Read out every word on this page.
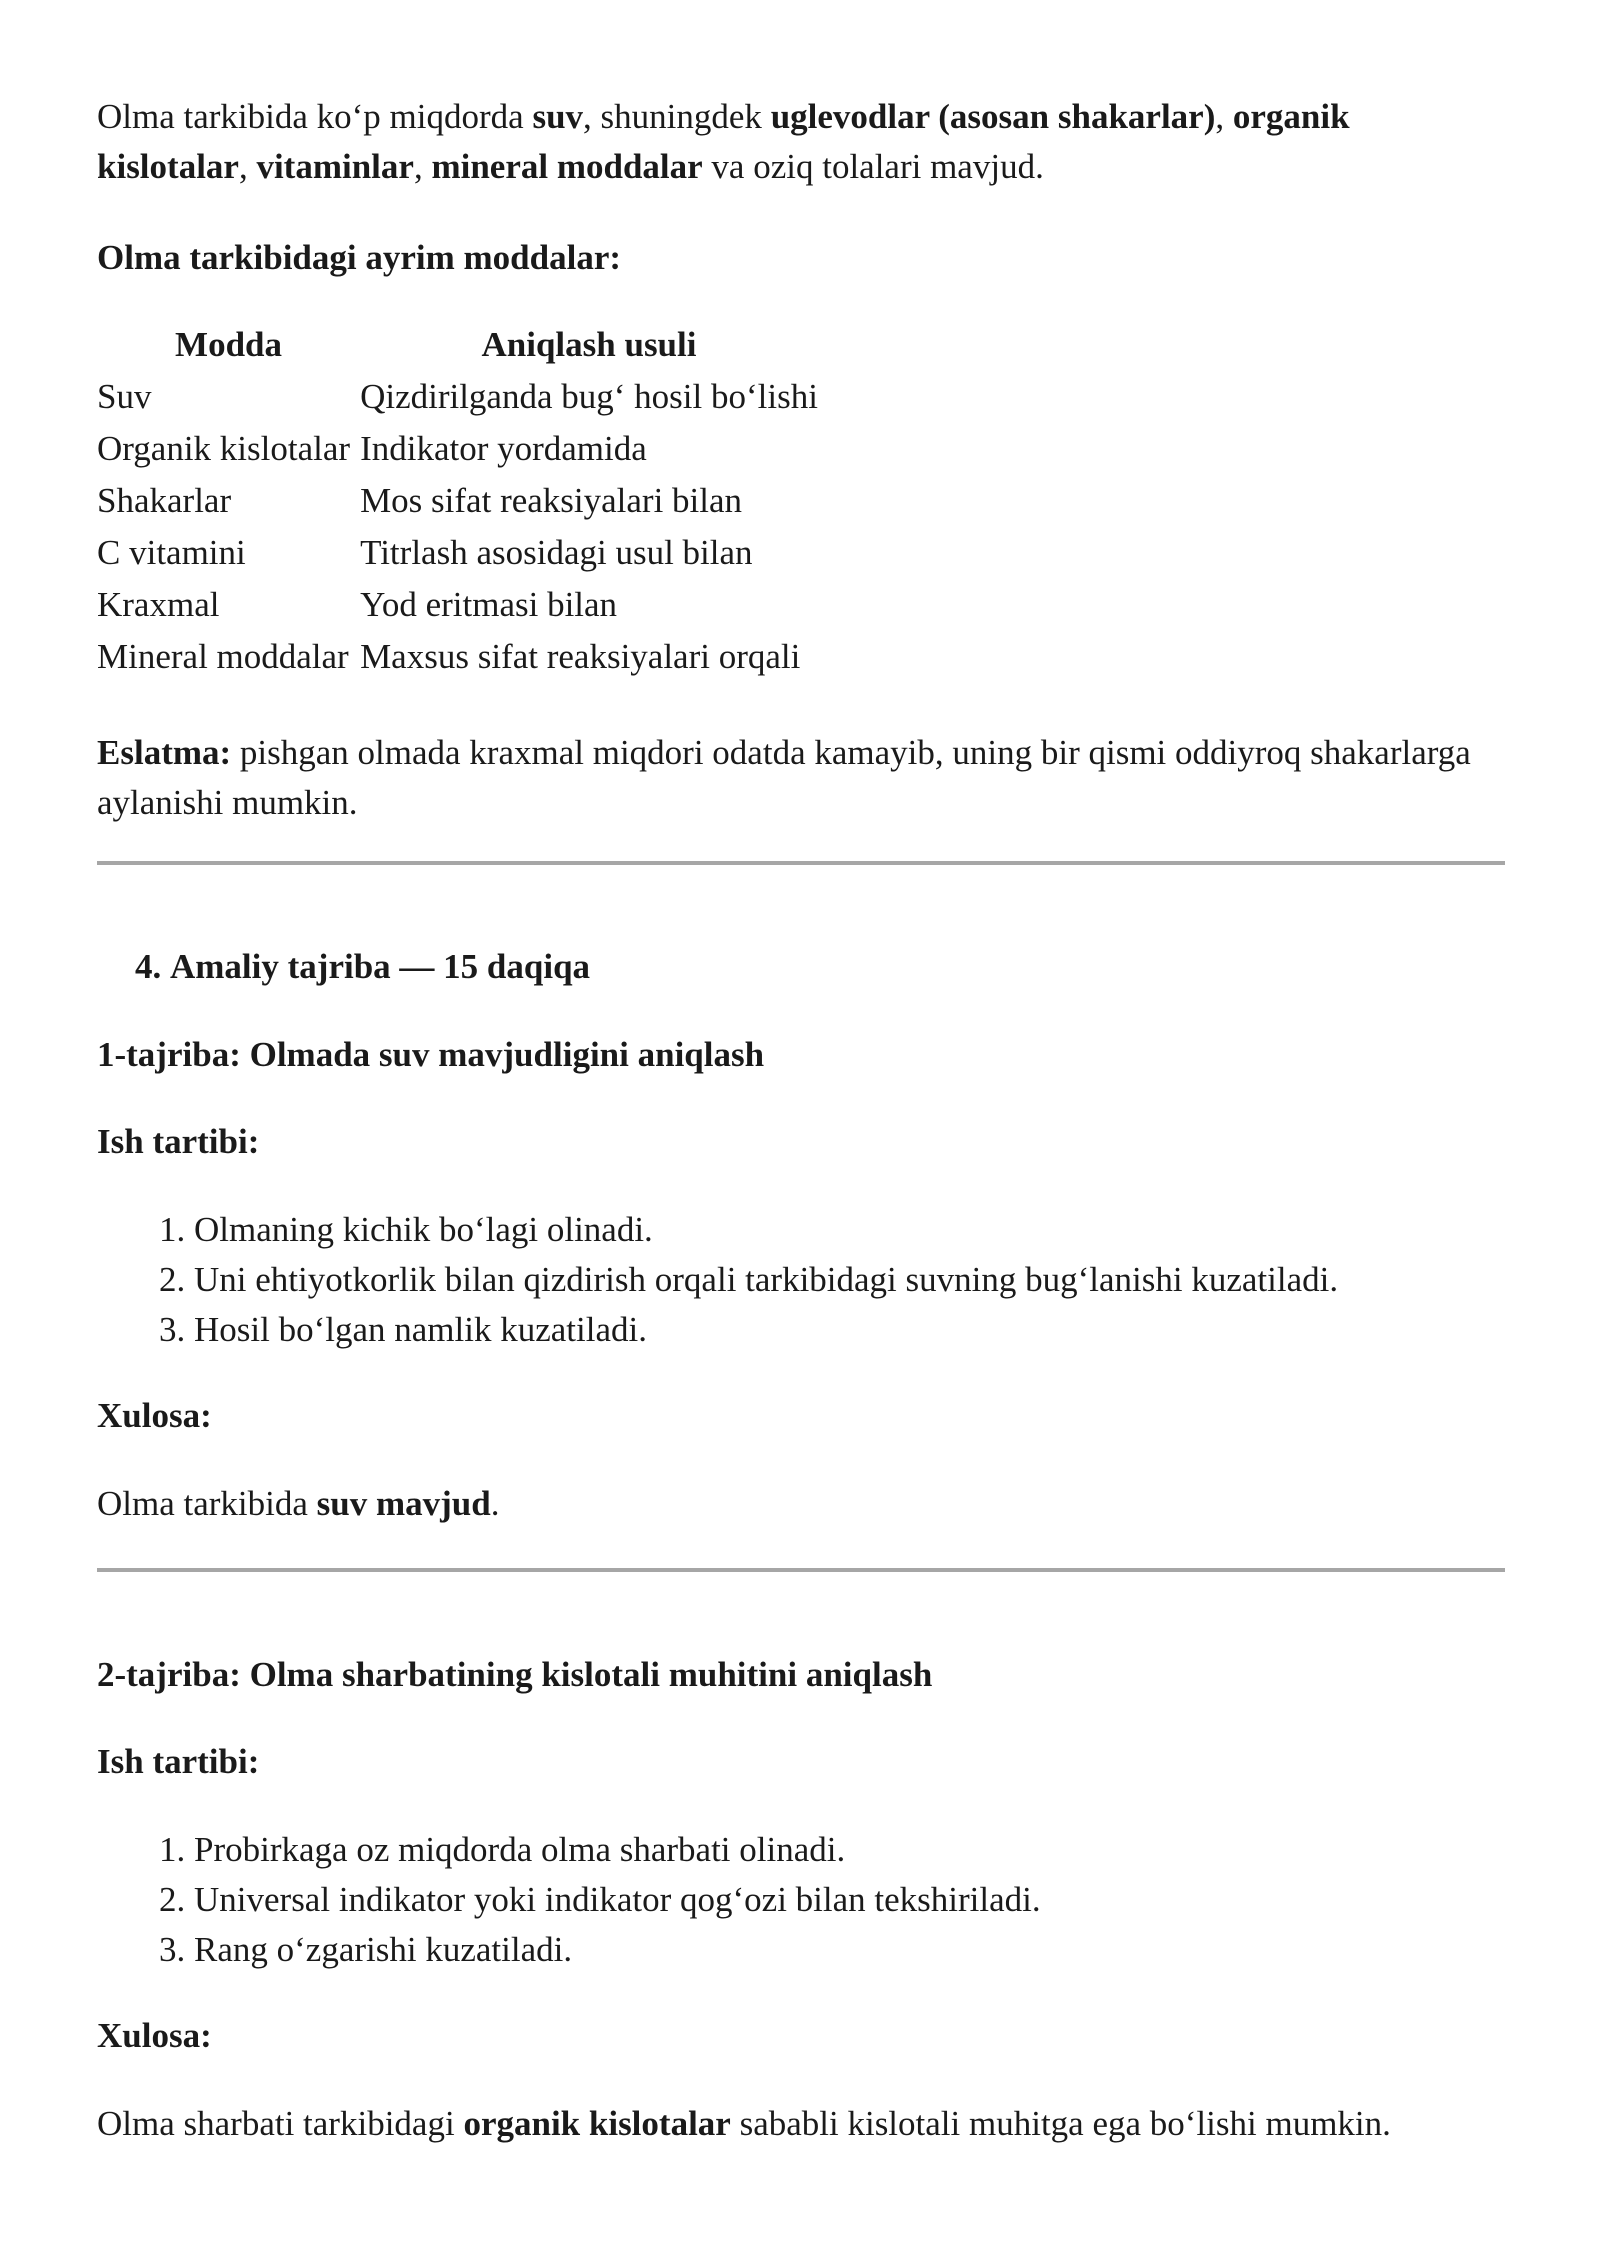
Olma tarkibida koʻp miqdorda suv, shuningdek uglevodlar (asosan shakarlar), organik kislotalar, vitaminlar, mineral moddalar va oziq tolalari mavjud.

Olma tarkibidagi ayrim moddalar:

Modda	Aniqlash usuli
Suv	Qizdirilganda bugʻ hosil boʻlishi
Organik kislotalar	Indikator yordamida
Shakarlar	Mos sifat reaksiyalari bilan
C vitamini	Titrlash asosidagi usul bilan
Kraxmal	Yod eritmasi bilan
Mineral moddalar	Maxsus sifat reaksiyalari orqali

Eslatma: pishgan olmada kraxmal miqdori odatda kamayib, uning bir qismi oddiyroq shakarlarga aylanishi mumkin.

4. Amaliy tajriba — 15 daqiqa

1-tajriba: Olmada suv mavjudligini aniqlash

Ish tartibi:

1. Olmaning kichik boʻlagi olinadi.
2. Uni ehtiyotkorlik bilan qizdirish orqali tarkibidagi suvning bugʻlanishi kuzatiladi.
3. Hosil boʻlgan namlik kuzatiladi.

Xulosa:

Olma tarkibida suv mavjud.

2-tajriba: Olma sharbatining kislotali muhitini aniqlash

Ish tartibi:

1. Probirkaga oz miqdorda olma sharbati olinadi.
2. Universal indikator yoki indikator qogʻozi bilan tekshiriladi.
3. Rang oʻzgarishi kuzatiladi.

Xulosa:

Olma sharbati tarkibidagi organik kislotalar sababli kislotali muhitga ega boʻlishi mumkin.
